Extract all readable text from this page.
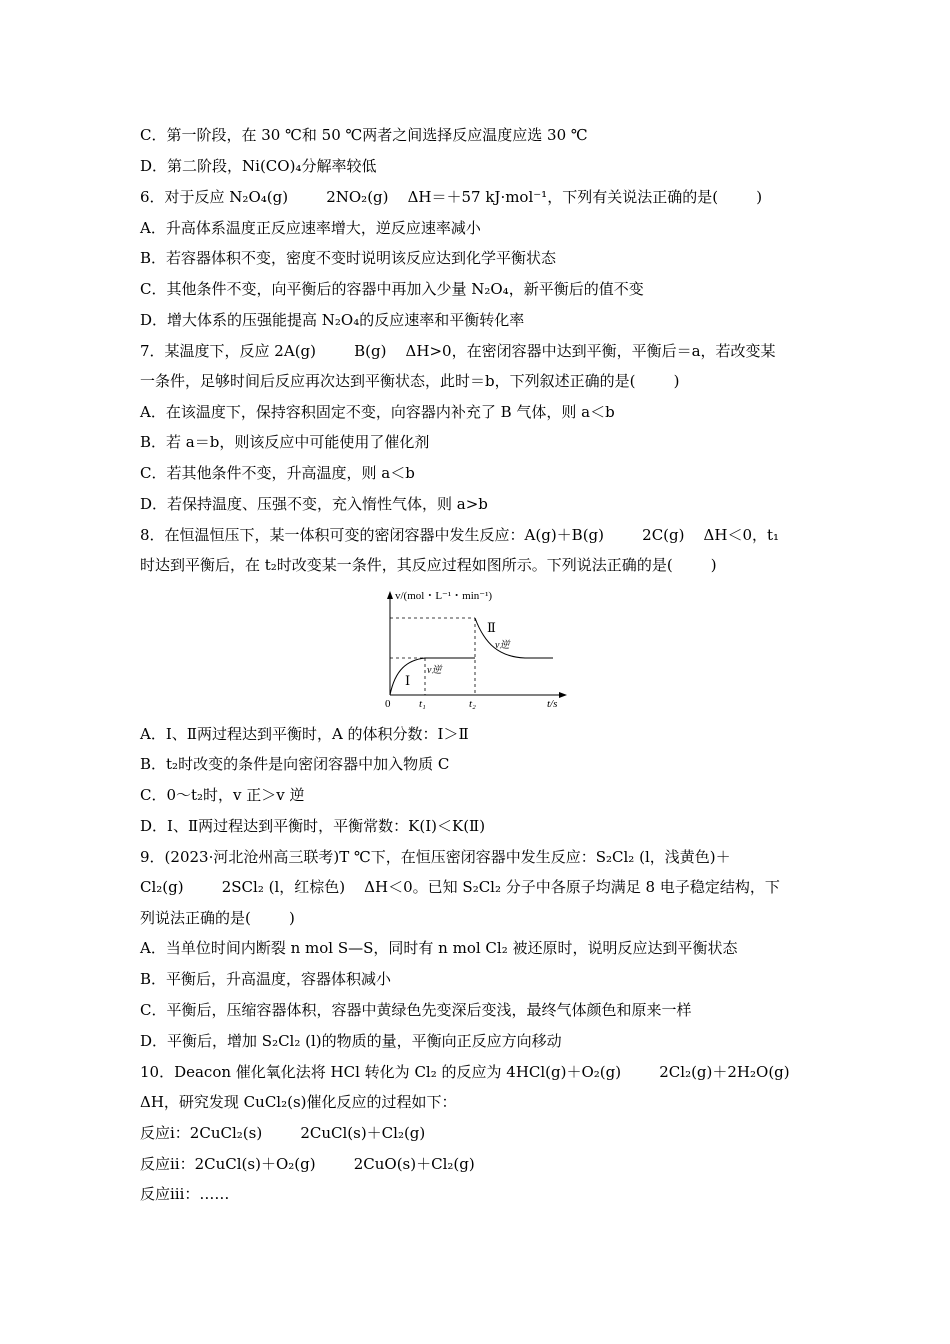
C．第一阶段，在 30 ℃和 50 ℃两者之间选择反应温度应选 30 ℃
D．第二阶段，Ni(CO)₄分解率较低
6．对于反应 N₂O₄(g)        2NO₂(g)    ΔH＝＋57 kJ·mol⁻¹，下列有关说法正确的是(        )
A．升高体系温度正反应速率增大，逆反应速率减小
B．若容器体积不变，密度不变时说明该反应达到化学平衡状态
C．其他条件不变，向平衡后的容器中再加入少量 N₂O₄，新平衡后的值不变
D．增大体系的压强能提高 N₂O₄的反应速率和平衡转化率
7．某温度下，反应 2A(g)        B(g)    ΔH>0，在密闭容器中达到平衡，平衡后＝a，若改变某
一条件，足够时间后反应再次达到平衡状态，此时＝b，下列叙述正确的是(        )
A．在该温度下，保持容积固定不变，向容器内补充了 B 气体，则 a＜b
B．若 a＝b，则该反应中可能使用了催化剂
C．若其他条件不变，升高温度，则 a＜b
D．若保持温度、压强不变，充入惰性气体，则 a>b
8．在恒温恒压下，某一体积可变的密闭容器中发生反应：A(g)＋B(g)        2C(g)    ΔH＜0，t₁
时达到平衡后，在 t₂时改变某一条件，其反应过程如图所示。下列说法正确的是(        )
v/(mol・L⁻¹・min⁻¹)
0	t₁	t₂	t/s
Ⅰ
Ⅱ
v逆
v逆
A．Ⅰ、Ⅱ两过程达到平衡时，A 的体积分数：Ⅰ＞Ⅱ
B．t₂时改变的条件是向密闭容器中加入物质 C
C．0～t₂时，v 正＞v 逆
D．Ⅰ、Ⅱ两过程达到平衡时，平衡常数：K(Ⅰ)＜K(Ⅱ)
9．(2023·河北沧州高三联考)T ℃下，在恒压密闭容器中发生反应：S₂Cl₂ (l，浅黄色)＋
Cl₂(g)        2SCl₂ (l，红棕色)    ΔH＜0。已知 S₂Cl₂ 分子中各原子均满足 8 电子稳定结构，下
列说法正确的是(        )
A．当单位时间内断裂 n mol S—S，同时有 n mol Cl₂ 被还原时，说明反应达到平衡状态
B．平衡后，升高温度，容器体积减小
C．平衡后，压缩容器体积，容器中黄绿色先变深后变浅，最终气体颜色和原来一样
D．平衡后，增加 S₂Cl₂ (l)的物质的量，平衡向正反应方向移动
10．Deacon 催化氧化法将 HCl 转化为 Cl₂ 的反应为 4HCl(g)＋O₂(g)        2Cl₂(g)＋2H₂O(g)
ΔH，研究发现 CuCl₂(s)催化反应的过程如下：
反应ⅰ：2CuCl₂(s)        2CuCl(s)＋Cl₂(g)
反应ⅱ：2CuCl(s)＋O₂(g)        2CuO(s)＋Cl₂(g)
反应ⅲ：……
